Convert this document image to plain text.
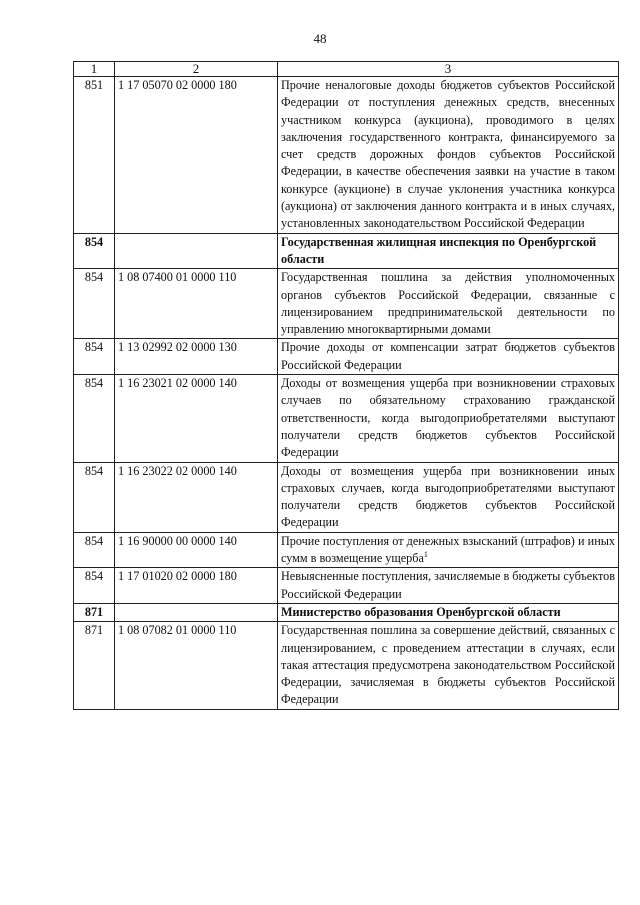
48
1	2	3
851	1 17 05070 02 0000 180	Прочие неналоговые доходы бюджетов субъектов Российской Федерации от поступления денежных средств, внесенных участником конкурса (аукциона), проводимого в целях заключения государственного контракта, финансируемого за счет средств дорожных фондов субъектов Российской Федерации, в качестве обеспечения заявки на участие в таком конкурсе (аукционе) в случае уклонения участника конкурса (аукциона) от заключения данного контракта и в иных случаях, установленных законодательством Российской Федерации
854		Государственная жилищная инспекция по Оренбургской области
854	1 08 07400 01 0000 110	Государственная пошлина за действия уполномоченных органов субъектов Российской Федерации, связанные с лицензированием предпринимательской деятельности по управлению многоквартирными домами
854	1 13 02992 02 0000 130	Прочие доходы от компенсации затрат бюджетов субъектов Российской Федерации
854	1 16 23021 02 0000 140	Доходы от возмещения ущерба при возникновении страховых случаев по обязательному страхованию гражданской ответственности, когда выгодоприобретателями выступают получатели средств бюджетов субъектов Российской Федерации
854	1 16 23022 02 0000 140	Доходы от возмещения ущерба при возникновении иных страховых случаев, когда выгодоприобретателями выступают получатели средств бюджетов субъектов Российской Федерации
854	1 16 90000 00 0000 140	Прочие поступления от денежных взысканий (штрафов) и иных сумм в возмещение ущерба$^1$
854	1 17 01020 02 0000 180	Невыясненные поступления, зачисляемые в бюджеты субъектов Российской Федерации
871		Министерство образования Оренбургской области
871	1 08 07082 01 0000 110	Государственная пошлина за совершение действий, связанных с лицензированием, с проведением аттестации в случаях, если такая аттестация предусмотрена законодательством Российской Федерации, зачисляемая в бюджеты субъектов Российской Федерации
